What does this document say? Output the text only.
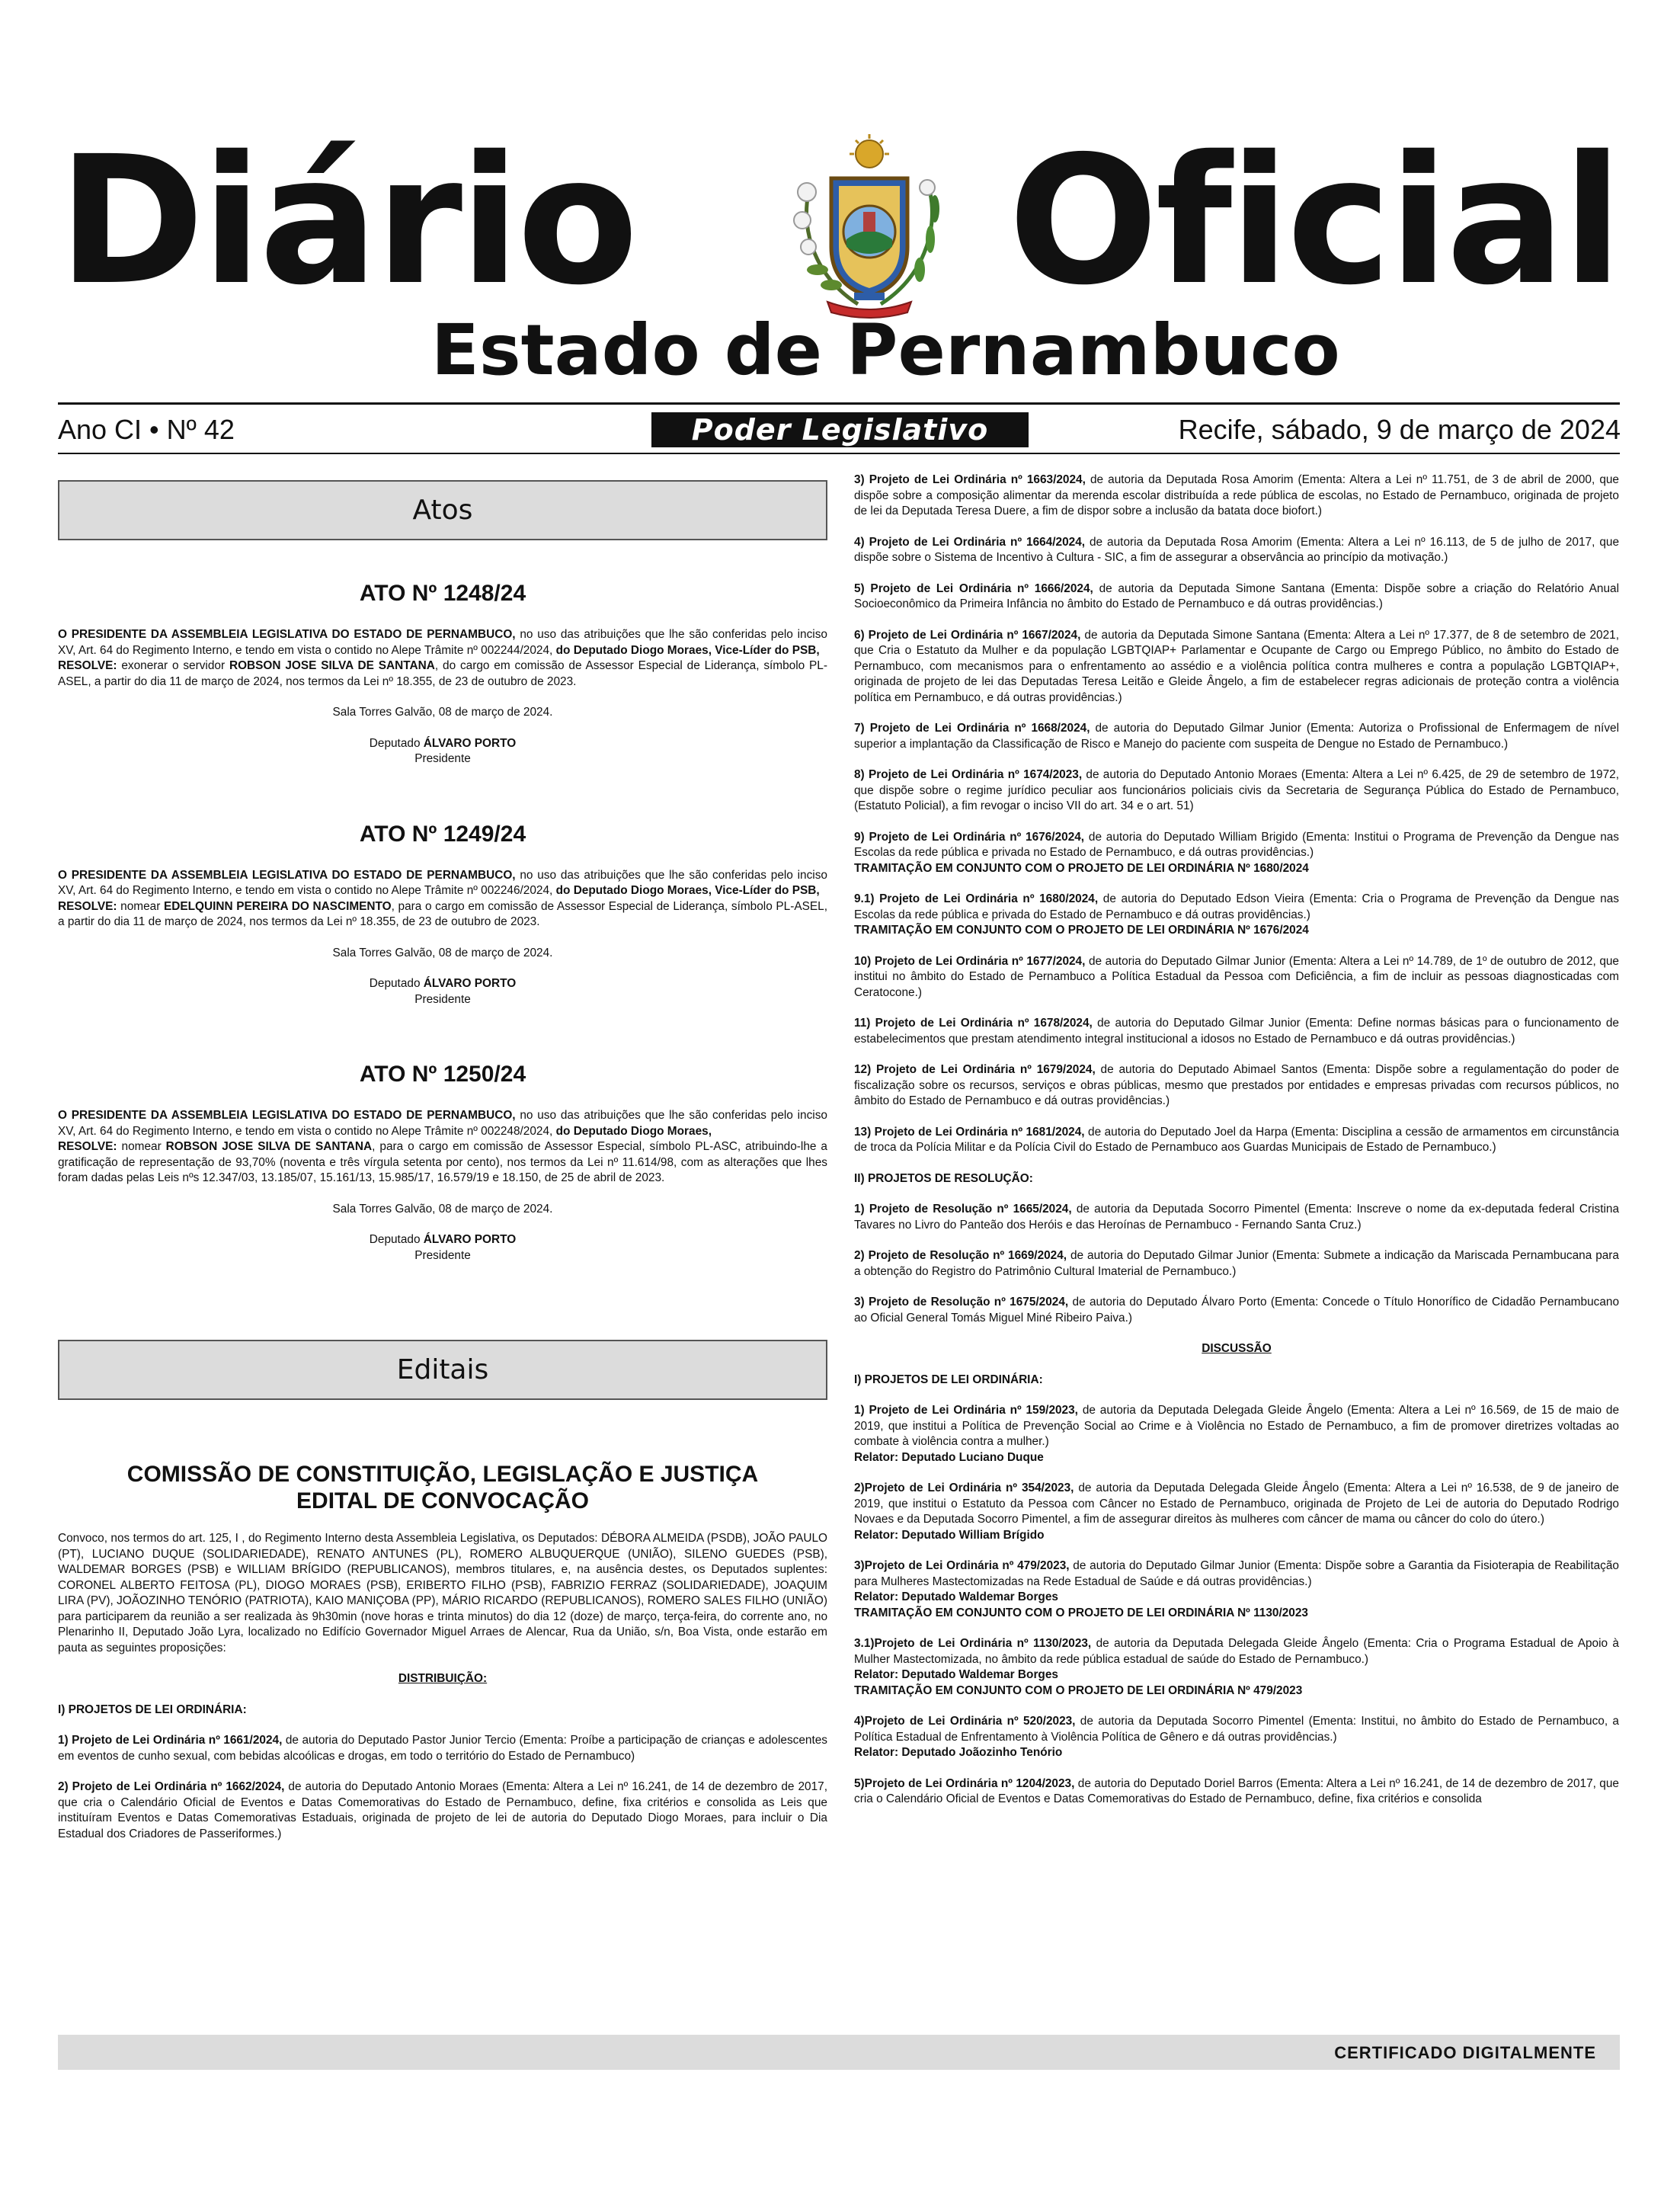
Diário Oficial
Estado de Pernambuco
Ano CI • Nº 42	Poder Legislativo	Recife, sábado, 9 de março de 2024
Atos
ATO Nº 1248/24

O PRESIDENTE DA ASSEMBLEIA LEGISLATIVA DO ESTADO DE PERNAMBUCO, no uso das atribuições que lhe são conferidas pelo inciso XV, Art. 64 do Regimento Interno, e tendo em vista o contido no Alepe Trâmite nº 002244/2024, do Deputado Diogo Moraes, Vice-Líder do PSB,
RESOLVE: exonerar o servidor ROBSON JOSE SILVA DE SANTANA, do cargo em comissão de Assessor Especial de Liderança, símbolo PL-ASEL, a partir do dia 11 de março de 2024, nos termos da Lei nº 18.355, de 23 de outubro de 2023.

Sala Torres Galvão, 08 de março de 2024.

Deputado ÁLVARO PORTO
Presidente

ATO Nº 1249/24

O PRESIDENTE DA ASSEMBLEIA LEGISLATIVA DO ESTADO DE PERNAMBUCO, no uso das atribuições que lhe são conferidas pelo inciso XV, Art. 64 do Regimento Interno, e tendo em vista o contido no Alepe Trâmite nº 002246/2024, do Deputado Diogo Moraes, Vice-Líder do PSB,
RESOLVE: nomear EDELQUINN PEREIRA DO NASCIMENTO, para o cargo em comissão de Assessor Especial de Liderança, símbolo PL-ASEL, a partir do dia 11 de março de 2024, nos termos da Lei nº 18.355, de 23 de outubro de 2023.

Sala Torres Galvão, 08 de março de 2024.

Deputado ÁLVARO PORTO
Presidente

ATO Nº 1250/24

O PRESIDENTE DA ASSEMBLEIA LEGISLATIVA DO ESTADO DE PERNAMBUCO, no uso das atribuições que lhe são conferidas pelo inciso XV, Art. 64 do Regimento Interno, e tendo em vista o contido no Alepe Trâmite nº 002248/2024, do Deputado Diogo Moraes,
RESOLVE: nomear ROBSON JOSE SILVA DE SANTANA, para o cargo em comissão de Assessor Especial, símbolo PL-ASC, atribuindo-lhe a gratificação de representação de 93,70% (noventa e três vírgula setenta por cento), nos termos da Lei nº 11.614/98, com as alterações que lhes foram dadas pelas Leis nºs 12.347/03, 13.185/07, 15.161/13, 15.985/17, 16.579/19 e 18.150, de 25 de abril de 2023.

Sala Torres Galvão, 08 de março de 2024.

Deputado ÁLVARO PORTO
Presidente

Editais
COMISSÃO DE CONSTITUIÇÃO, LEGISLAÇÃO E JUSTIÇA
EDITAL DE CONVOCAÇÃO

Convoco, nos termos do art. 125, I , do Regimento Interno desta Assembleia Legislativa, os Deputados: DÉBORA ALMEIDA (PSDB), JOÃO PAULO (PT), LUCIANO DUQUE (SOLIDARIEDADE), RENATO ANTUNES (PL), ROMERO ALBUQUERQUE (UNIÃO), SILENO GUEDES (PSB), WALDEMAR BORGES (PSB) e WILLIAM BRÍGIDO (REPUBLICANOS), membros titulares, e, na ausência destes, os Deputados suplentes: CORONEL ALBERTO FEITOSA (PL), DIOGO MORAES (PSB), ERIBERTO FILHO (PSB), FABRIZIO FERRAZ (SOLIDARIEDADE), JOAQUIM LIRA (PV), JOÃOZINHO TENÓRIO (PATRIOTA), KAIO MANIÇOBA (PP), MÁRIO RICARDO (REPUBLICANOS), ROMERO SALES FILHO (UNIÃO) para participarem da reunião a ser realizada às 9h30min (nove horas e trinta minutos) do dia 12 (doze) de março, terça-feira, do corrente ano, no Plenarinho II, Deputado João Lyra, localizado no Edifício Governador Miguel Arraes de Alencar, Rua da União, s/n, Boa Vista, onde estarão em pauta as seguintes proposições:

DISTRIBUIÇÃO:

I) PROJETOS DE LEI ORDINÁRIA:

1) Projeto de Lei Ordinária nº 1661/2024, de autoria do Deputado Pastor Junior Tercio (Ementa: Proíbe a participação de crianças e adolescentes em eventos de cunho sexual, com bebidas alcoólicas e drogas, em todo o território do Estado de Pernambuco)

2) Projeto de Lei Ordinária nº 1662/2024, de autoria do Deputado Antonio Moraes (Ementa: Altera a Lei nº 16.241, de 14 de dezembro de 2017, que cria o Calendário Oficial de Eventos e Datas Comemorativas do Estado de Pernambuco, define, fixa critérios e consolida as Leis que instituíram Eventos e Datas Comemorativas Estaduais, originada de projeto de lei de autoria do Deputado Diogo Moraes, para incluir o Dia Estadual dos Criadores de Passeriformes.)

3) Projeto de Lei Ordinária nº 1663/2024, de autoria da Deputada Rosa Amorim (Ementa: Altera a Lei nº 11.751, de 3 de abril de 2000, que dispõe sobre a composição alimentar da merenda escolar distribuída a rede pública de escolas, no Estado de Pernambuco, originada de projeto de lei da Deputada Teresa Duere, a fim de dispor sobre a inclusão da batata doce biofort.)

4) Projeto de Lei Ordinária nº 1664/2024, de autoria da Deputada Rosa Amorim (Ementa: Altera a Lei nº 16.113, de 5 de julho de 2017, que dispõe sobre o Sistema de Incentivo à Cultura - SIC, a fim de assegurar a observância ao princípio da motivação.)

5) Projeto de Lei Ordinária nº 1666/2024, de autoria da Deputada Simone Santana (Ementa: Dispõe sobre a criação do Relatório Anual Socioeconômico da Primeira Infância no âmbito do Estado de Pernambuco e dá outras providências.)

6) Projeto de Lei Ordinária nº 1667/2024, de autoria da Deputada Simone Santana (Ementa: Altera a Lei nº 17.377, de 8 de setembro de 2021, que Cria o Estatuto da Mulher e da população LGBTQIAP+ Parlamentar e Ocupante de Cargo ou Emprego Público, no âmbito do Estado de Pernambuco, com mecanismos para o enfrentamento ao assédio e a violência política contra mulheres e contra a população LGBTQIAP+, originada de projeto de lei das Deputadas Teresa Leitão e Gleide Ângelo, a fim de estabelecer regras adicionais de proteção contra a violência política em Pernambuco, e dá outras providências.)

7) Projeto de Lei Ordinária nº 1668/2024, de autoria do Deputado Gilmar Junior (Ementa: Autoriza o Profissional de Enfermagem de nível superior a implantação da Classificação de Risco e Manejo do paciente com suspeita de Dengue no Estado de Pernambuco.)

8) Projeto de Lei Ordinária nº 1674/2023, de autoria do Deputado Antonio Moraes (Ementa: Altera a Lei nº 6.425, de 29 de setembro de 1972, que dispõe sobre o regime jurídico peculiar aos funcionários policiais civis da Secretaria de Segurança Pública do Estado de Pernambuco, (Estatuto Policial), a fim revogar o inciso VII do art. 34 e o art. 51)

9) Projeto de Lei Ordinária nº 1676/2024, de autoria do Deputado William Brigido (Ementa: Institui o Programa de Prevenção da Dengue nas Escolas da rede pública e privada no Estado de Pernambuco, e dá outras providências.)
TRAMITAÇÃO EM CONJUNTO COM O PROJETO DE LEI ORDINÁRIA Nº 1680/2024

9.1) Projeto de Lei Ordinária nº 1680/2024, de autoria do Deputado Edson Vieira (Ementa: Cria o Programa de Prevenção da Dengue nas Escolas da rede pública e privada do Estado de Pernambuco e dá outras providências.)
TRAMITAÇÃO EM CONJUNTO COM O PROJETO DE LEI ORDINÁRIA Nº 1676/2024

10) Projeto de Lei Ordinária nº 1677/2024, de autoria do Deputado Gilmar Junior (Ementa: Altera a Lei nº 14.789, de 1º de outubro de 2012, que institui no âmbito do Estado de Pernambuco a Política Estadual da Pessoa com Deficiência, a fim de incluir as pessoas diagnosticadas com Ceratocone.)

11) Projeto de Lei Ordinária nº 1678/2024, de autoria do Deputado Gilmar Junior (Ementa: Define normas básicas para o funcionamento de estabelecimentos que prestam atendimento integral institucional a idosos no Estado de Pernambuco e dá outras providências.)

12) Projeto de Lei Ordinária nº 1679/2024, de autoria do Deputado Abimael Santos (Ementa: Dispõe sobre a regulamentação do poder de fiscalização sobre os recursos, serviços e obras públicas, mesmo que prestados por entidades e empresas privadas com recursos públicos, no âmbito do Estado de Pernambuco e dá outras providências.)

13) Projeto de Lei Ordinária nº 1681/2024, de autoria do Deputado Joel da Harpa (Ementa: Disciplina a cessão de armamentos em circunstância de troca da Polícia Militar e da Polícia Civil do Estado de Pernambuco aos Guardas Municipais de Estado de Pernambuco.)

II) PROJETOS DE RESOLUÇÃO:

1) Projeto de Resolução nº 1665/2024, de autoria da Deputada Socorro Pimentel (Ementa: Inscreve o nome da ex-deputada federal Cristina Tavares no Livro do Panteão dos Heróis e das Heroínas de Pernambuco - Fernando Santa Cruz.)

2) Projeto de Resolução nº 1669/2024, de autoria do Deputado Gilmar Junior (Ementa: Submete a indicação da Mariscada Pernambucana para a obtenção do Registro do Patrimônio Cultural Imaterial de Pernambuco.)

3) Projeto de Resolução nº 1675/2024, de autoria do Deputado Álvaro Porto (Ementa: Concede o Título Honorífico de Cidadão Pernambucano ao Oficial General Tomás Miguel Miné Ribeiro Paiva.)

DISCUSSÃO

I) PROJETOS DE LEI ORDINÁRIA:

1) Projeto de Lei Ordinária nº 159/2023, de autoria da Deputada Delegada Gleide Ângelo (Ementa: Altera a Lei nº 16.569, de 15 de maio de 2019, que institui a Política de Prevenção Social ao Crime e à Violência no Estado de Pernambuco, a fim de promover diretrizes voltadas ao combate à violência contra a mulher.)
Relator: Deputado Luciano Duque

2)Projeto de Lei Ordinária nº 354/2023, de autoria da Deputada Delegada Gleide Ângelo (Ementa: Altera a Lei nº 16.538, de 9 de janeiro de 2019, que institui o Estatuto da Pessoa com Câncer no Estado de Pernambuco, originada de Projeto de Lei de autoria do Deputado Rodrigo Novaes e da Deputada Socorro Pimentel, a fim de assegurar direitos às mulheres com câncer de mama ou câncer do colo do útero.)
Relator: Deputado William Brígido

3)Projeto de Lei Ordinária nº 479/2023, de autoria do Deputado Gilmar Junior (Ementa: Dispõe sobre a Garantia da Fisioterapia de Reabilitação para Mulheres Mastectomizadas na Rede Estadual de Saúde e dá outras providências.)
Relator: Deputado Waldemar Borges
TRAMITAÇÃO EM CONJUNTO COM O PROJETO DE LEI ORDINÁRIA Nº 1130/2023

3.1)Projeto de Lei Ordinária nº 1130/2023, de autoria da Deputada Delegada Gleide Ângelo (Ementa: Cria o Programa Estadual de Apoio à Mulher Mastectomizada, no âmbito da rede pública estadual de saúde do Estado de Pernambuco.)
Relator: Deputado Waldemar Borges
TRAMITAÇÃO EM CONJUNTO COM O PROJETO DE LEI ORDINÁRIA Nº 479/2023

4)Projeto de Lei Ordinária nº 520/2023, de autoria da Deputada Socorro Pimentel (Ementa: Institui, no âmbito do Estado de Pernambuco, a Política Estadual de Enfrentamento à Violência Política de Gênero e dá outras providências.)
Relator: Deputado Joãozinho Tenório

5)Projeto de Lei Ordinária nº 1204/2023, de autoria do Deputado Doriel Barros (Ementa: Altera a Lei nº 16.241, de 14 de dezembro de 2017, que cria o Calendário Oficial de Eventos e Datas Comemorativas do Estado de Pernambuco, define, fixa critérios e consolida

CERTIFICADO DIGITALMENTE
